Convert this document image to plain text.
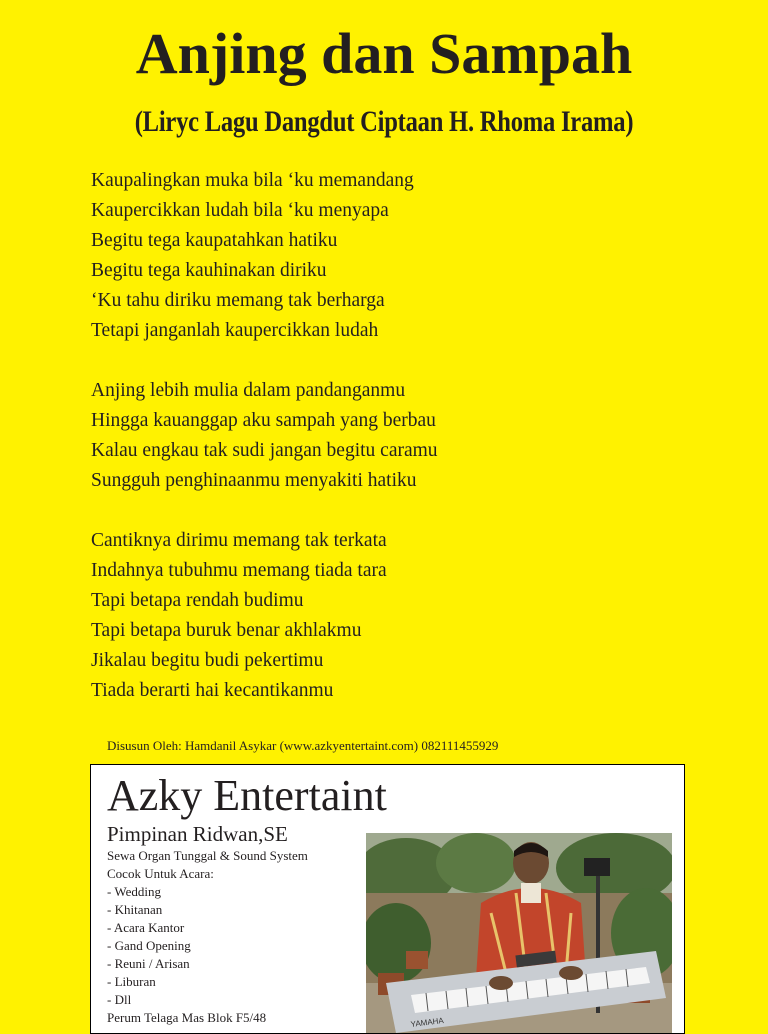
Anjing dan Sampah
(Liryc Lagu Dangdut Ciptaan H. Rhoma Irama)
Kaupalingkan muka bila ‘ku memandang
Kaupercikkan ludah bila ‘ku menyapa
Begitu tega kaupatahkan hatiku
Begitu tega kauhinakan diriku
‘Ku tahu diriku memang tak berharga
Tetapi janganlah kaupercikkan ludah
Anjing lebih mulia dalam pandanganmu
Hingga kauanggap aku sampah yang berbau
Kalau engkau tak sudi jangan begitu caramu
Sungguh penghinaanmu menyakiti hatiku
Cantiknya dirimu memang tak terkata
Indahnya tubuhmu memang tiada tara
Tapi betapa rendah budimu
Tapi betapa buruk benar akhlakmu
Jikalau begitu budi pekertimu
Tiada berarti hai kecantikanmu
Disusun Oleh: Hamdanil Asykar (www.azkyentertaint.com) 082111455929
Azky Entertaint
Pimpinan Ridwan,SE
Sewa Organ Tunggal & Sound System
Cocok Untuk Acara:
- Wedding
- Khitanan
- Acara Kantor
- Gand Opening
- Reuni / Arisan
- Liburan
- Dll
Perum Telaga Mas Blok F5/48	YAMAHA
